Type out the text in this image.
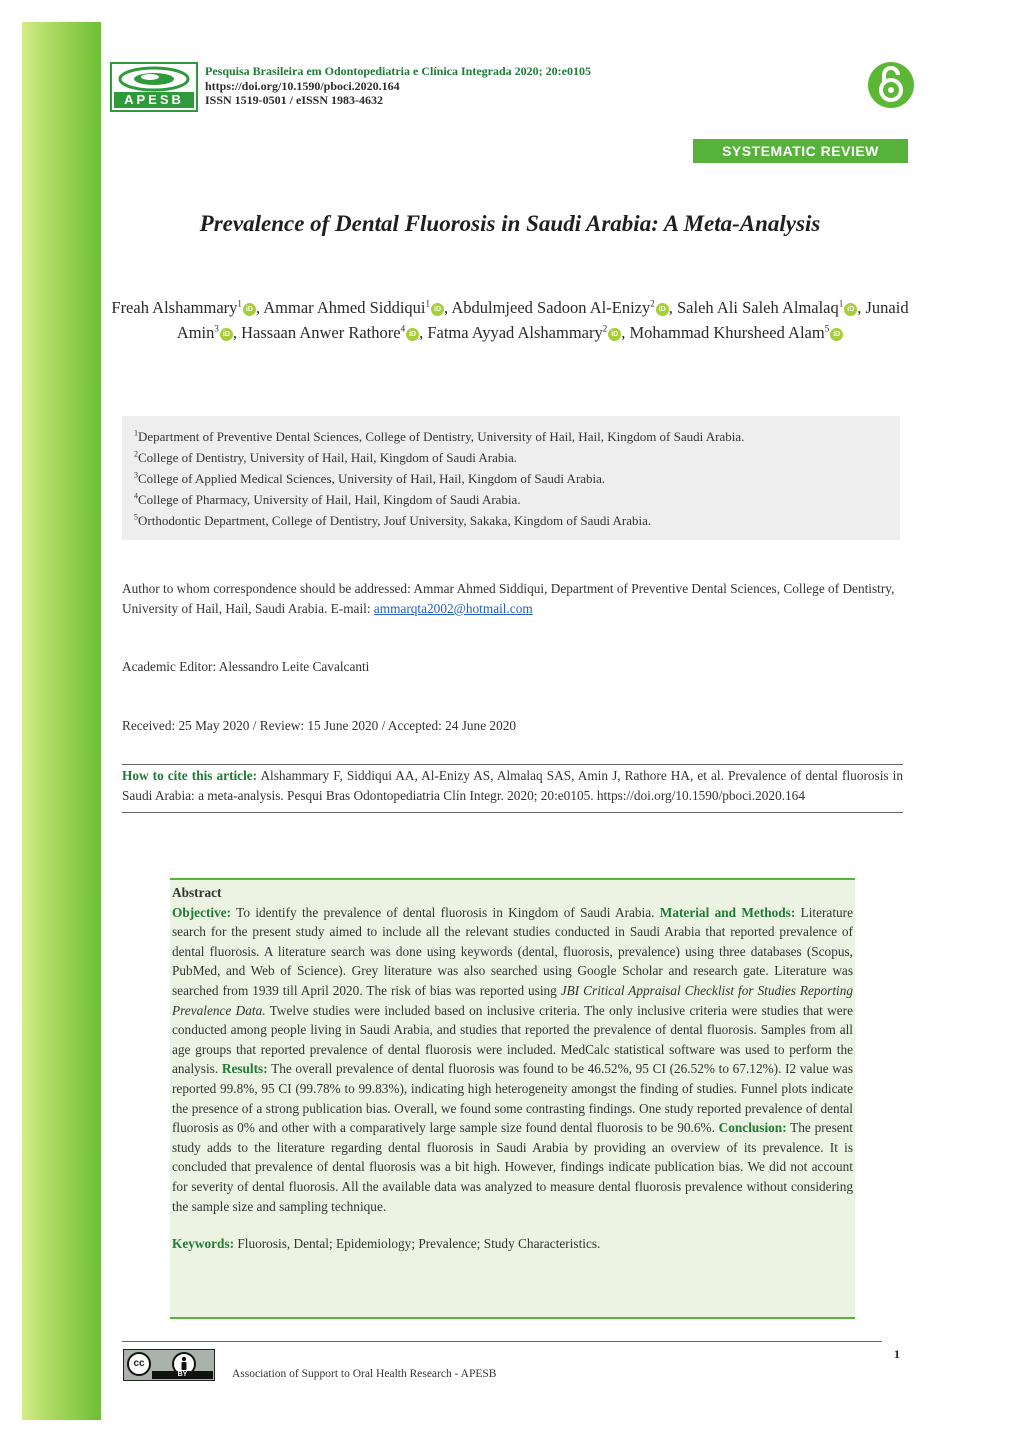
APESB
Pesquisa Brasileira em Odontopediatria e Clínica Integrada 2020; 20:e0105
https://doi.org/10.1590/pboci.2020.164
ISSN 1519-0501 / eISSN 1983-4632
SYSTEMATIC REVIEW
Prevalence of Dental Fluorosis in Saudi Arabia: A Meta-Analysis
Freah Alshammary$^1$iD , Ammar Ahmed Siddiqui$^1$iD , Abdulmjeed Sadoon Al-Enizy$^2$iD , Saleh Ali Saleh Almalaq$^1$iD , Junaid Amin$^3$iD , Hassaan Anwer Rathore$^4$iD , Fatma Ayyad Alshammary$^2$iD , Mohammad Khursheed Alam$^5$iD
$^1$Department of Preventive Dental Sciences, College of Dentistry, University of Hail, Hail, Kingdom of Saudi Arabia.
$^2$College of Dentistry, University of Hail, Hail, Kingdom of Saudi Arabia.
$^3$College of Applied Medical Sciences, University of Hail, Hail, Kingdom of Saudi Arabia.
$^4$College of Pharmacy, University of Hail, Hail, Kingdom of Saudi Arabia.
$^5$Orthodontic Department, College of Dentistry, Jouf University, Sakaka, Kingdom of Saudi Arabia.
Author to whom correspondence should be addressed: Ammar Ahmed Siddiqui, Department of Preventive Dental Sciences, College of Dentistry, University of Hail, Hail, Saudi Arabia. E-mail: ammarqta2002@hotmail.com
Academic Editor: Alessandro Leite Cavalcanti
Received: 25 May 2020 / Review: 15 June 2020 / Accepted: 24 June 2020
How to cite this article: Alshammary F, Siddiqui AA, Al-Enizy AS, Almalaq SAS, Amin J, Rathore HA, et al. Prevalence of dental fluorosis in Saudi Arabia: a meta-analysis. Pesqui Bras Odontopediatria Clín Integr. 2020; 20:e0105. https://doi.org/10.1590/pboci.2020.164
Abstract
Objective: To identify the prevalence of dental fluorosis in Kingdom of Saudi Arabia. Material and Methods: Literature search for the present study aimed to include all the relevant studies conducted in Saudi Arabia that reported prevalence of dental fluorosis. A literature search was done using keywords (dental, fluorosis, prevalence) using three databases (Scopus, PubMed, and Web of Science). Grey literature was also searched using Google Scholar and research gate. Literature was searched from 1939 till April 2020. The risk of bias was reported using JBI Critical Appraisal Checklist for Studies Reporting Prevalence Data. Twelve studies were included based on inclusive criteria. The only inclusive criteria were studies that were conducted among people living in Saudi Arabia, and studies that reported the prevalence of dental fluorosis. Samples from all age groups that reported prevalence of dental fluorosis were included. MedCalc statistical software was used to perform the analysis. Results: The overall prevalence of dental fluorosis was found to be 46.52%, 95 CI (26.52% to 67.12%). I2 value was reported 99.8%, 95 CI (99.78% to 99.83%), indicating high heterogeneity amongst the finding of studies. Funnel plots indicate the presence of a strong publication bias. Overall, we found some contrasting findings. One study reported prevalence of dental fluorosis as 0% and other with a comparatively large sample size found dental fluorosis to be 90.6%. Conclusion: The present study adds to the literature regarding dental fluorosis in Saudi Arabia by providing an overview of its prevalence. It is concluded that prevalence of dental fluorosis was a bit high. However, findings indicate publication bias. We did not account for severity of dental fluorosis. All the available data was analyzed to measure dental fluorosis prevalence without considering the sample size and sampling technique.
Keywords: Fluorosis, Dental; Epidemiology; Prevalence; Study Characteristics.
1
cc
BY	Association of Support to Oral Health Research - APESB
